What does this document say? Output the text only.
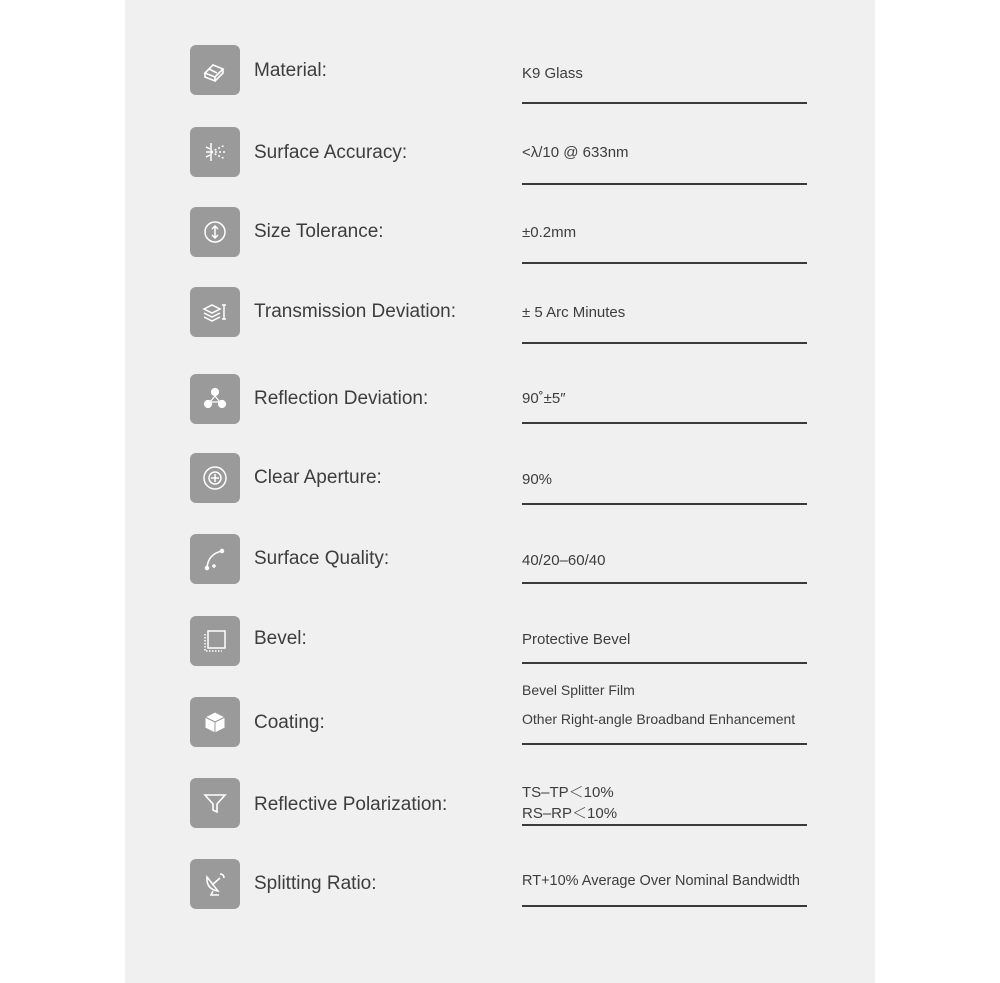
Material:	K9 Glass
Surface Accuracy:	<λ/10 @ 633nm
Size Tolerance:	±0.2mm
Transmission Deviation:	± 5 Arc Minutes
Reflection Deviation:	90˚±5″
Clear Aperture:	90%
Surface Quality:	40/20–60/40
Bevel:	Protective Bevel
Coating:
Bevel Splitter Film
Other Right-angle Broadband Enhancement
Reflective Polarization:
TS–TP＜10%
RS–RP＜10%
Splitting Ratio:	RT+10% Average Over Nominal Bandwidth
